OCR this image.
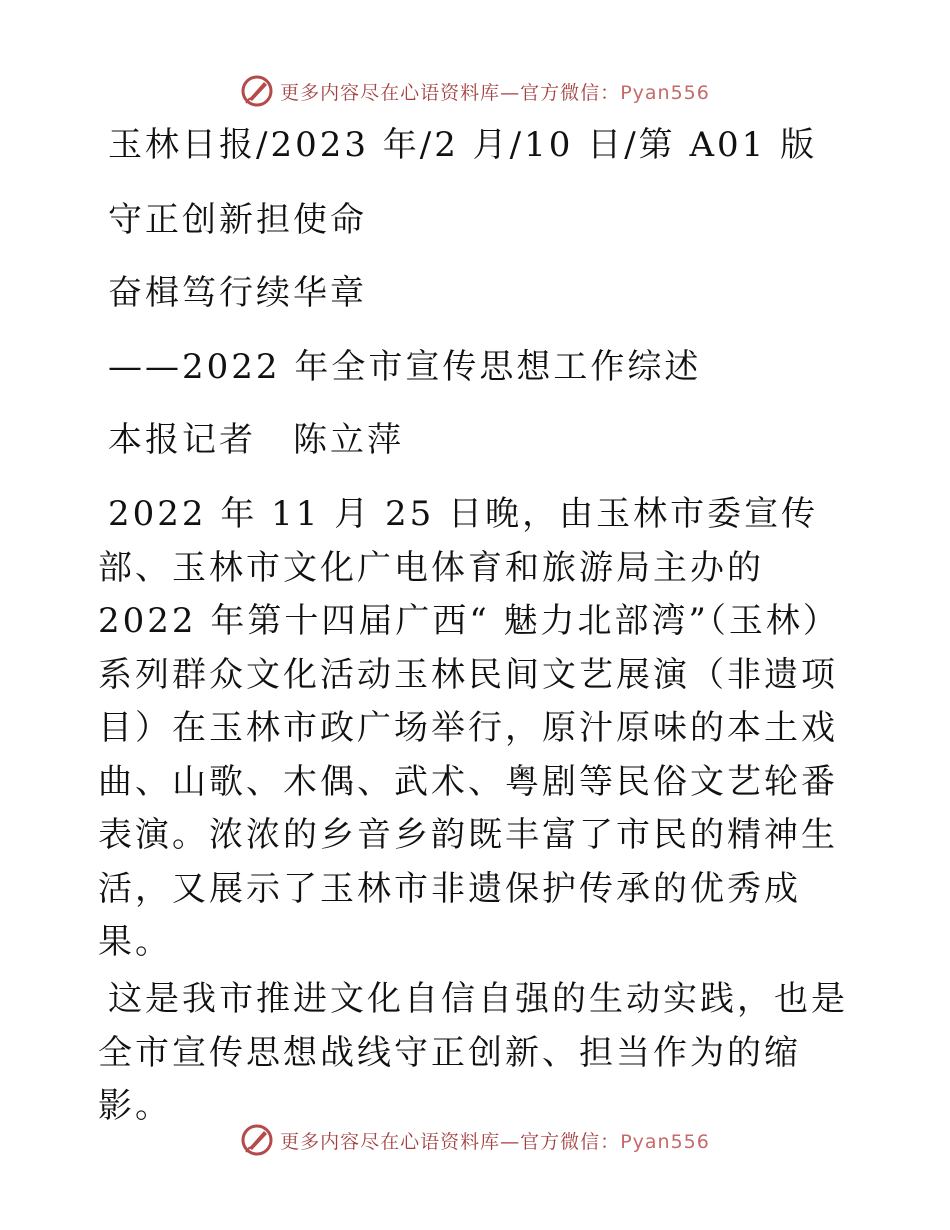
更多内容尽在心语资料库—官方微信：Pyan556
玉林日报/2023 年/2 月/10 日/第 A01 版
守正创新担使命
奋楫笃行续华章
——2022 年全市宣传思想工作综述
本报记者　陈立萍

2022 年 11 月 25 日晚，由玉林市委宣传部、玉林市文化广电体育和旅游局主办的 2022 年第十四届广西“ 魅力北部湾”（玉林）系列群众文化活动玉林民间文艺展演（非遗项目）在玉林市政广场举行，原汁原味的本土戏曲、山歌、木偶、武术、粤剧等民俗文艺轮番表演。浓浓的乡音乡韵既丰富了市民的精神生活，又展示了玉林市非遗保护传承的优秀成果。

这是我市推进文化自信自强的生动实践，也是全市宣传思想战线守正创新、担当作为的缩影。

更多内容尽在心语资料库—官方微信：Pyan556
